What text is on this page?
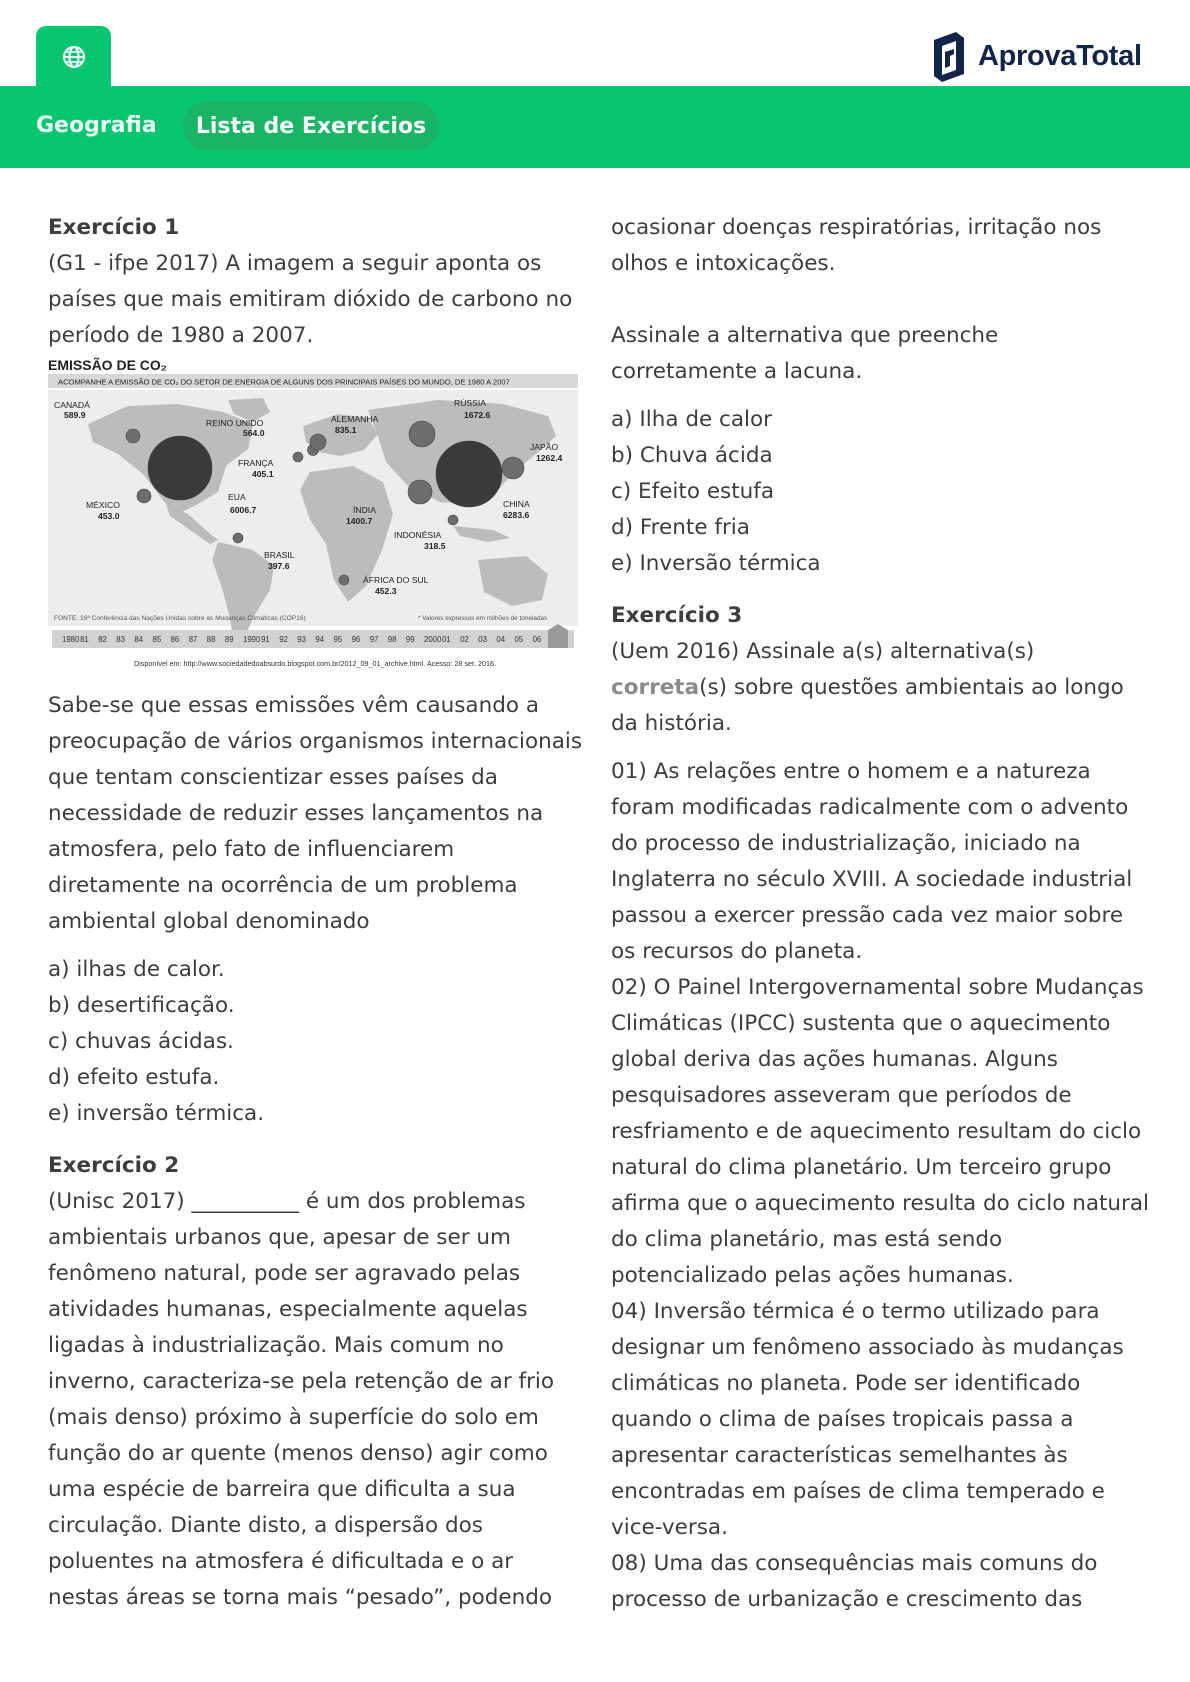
AprovaTotal
Geografia	Lista de Exercícios
Exercício 1

(G1 - ifpe 2017) A imagem a seguir aponta os países que mais emitiram dióxido de carbono no período de 1980 a 2007.

EMISSÃO DE CO₂
ACOMPANHE A EMISSÃO DE CO₂ DO SETOR DE ENERGIA DE ALGUNS DOS PRINCIPAIS PAÍSES DO MUNDO, DE 1980 A 2007
CANADÁ
589.9
REINO UNIDO
564.0
ALEMANHA
835.1
RÚSSIA
1672.6
JAPÃO
1262.4
FRANÇA
405.1
MÉXICO
453.0
EUA
6006.7	ÍNDIA
1400.7
CHINA
6283.6
INDONÉSIA
318.5
BRASIL
397.6
ÁFRICA DO SUL
452.3
FONTE: 16ª Conferência das Nações Unidas sobre as Mudanças Climáticas (COP16)	* Valores expressos em milhões de toneladas
1980 81 82 83 84 85 86 87 88 89 1990 91 92 93 94 95 96 97 98 99 2000 01 02 03 04 05 06
Disponível em: http://www.sociedadedoabsurdo.blogspot.com.br/2012_09_01_archive.html. Acesso: 28 set. 2016.

Sabe-se que essas emissões vêm causando a preocupação de vários organismos internacionais que tentam conscientizar esses países da necessidade de reduzir esses lançamentos na atmosfera, pelo fato de influenciarem diretamente na ocorrência de um problema ambiental global denominado

a) ilhas de calor.

b) desertificação.

c) chuvas ácidas.

d) efeito estufa.

e) inversão térmica.

Exercício 2

(Unisc 2017) __________ é um dos problemas ambientais urbanos que, apesar de ser um fenômeno natural, pode ser agravado pelas atividades humanas, especialmente aquelas ligadas à industrialização. Mais comum no inverno, caracteriza-se pela retenção de ar frio (mais denso) próximo à superfície do solo em função do ar quente (menos denso) agir como uma espécie de barreira que dificulta a sua circulação. Diante disto, a dispersão dos poluentes na atmosfera é dificultada e o ar nestas áreas se torna mais “pesado”, podendo

ocasionar doenças respiratórias, irritação nos olhos e intoxicações.

Assinale a alternativa que preenche corretamente a lacuna.

a) Ilha de calor

b) Chuva ácida

c) Efeito estufa

d) Frente fria

e) Inversão térmica

Exercício 3

(Uem 2016) Assinale a(s) alternativa(s) correta(s) sobre questões ambientais ao longo da história.

01) As relações entre o homem e a natureza foram modificadas radicalmente com o advento do processo de industrialização, iniciado na Inglaterra no século XVIII. A sociedade industrial passou a exercer pressão cada vez maior sobre os recursos do planeta.

02) O Painel Intergovernamental sobre Mudanças Climáticas (IPCC) sustenta que o aquecimento global deriva das ações humanas. Alguns pesquisadores asseveram que períodos de resfriamento e de aquecimento resultam do ciclo natural do clima planetário. Um terceiro grupo afirma que o aquecimento resulta do ciclo natural do clima planetário, mas está sendo potencializado pelas ações humanas.

04) Inversão térmica é o termo utilizado para designar um fenômeno associado às mudanças climáticas no planeta. Pode ser identificado quando o clima de países tropicais passa a apresentar características semelhantes às encontradas em países de clima temperado e vice-versa.

08) Uma das consequências mais comuns do processo de urbanização e crescimento das
